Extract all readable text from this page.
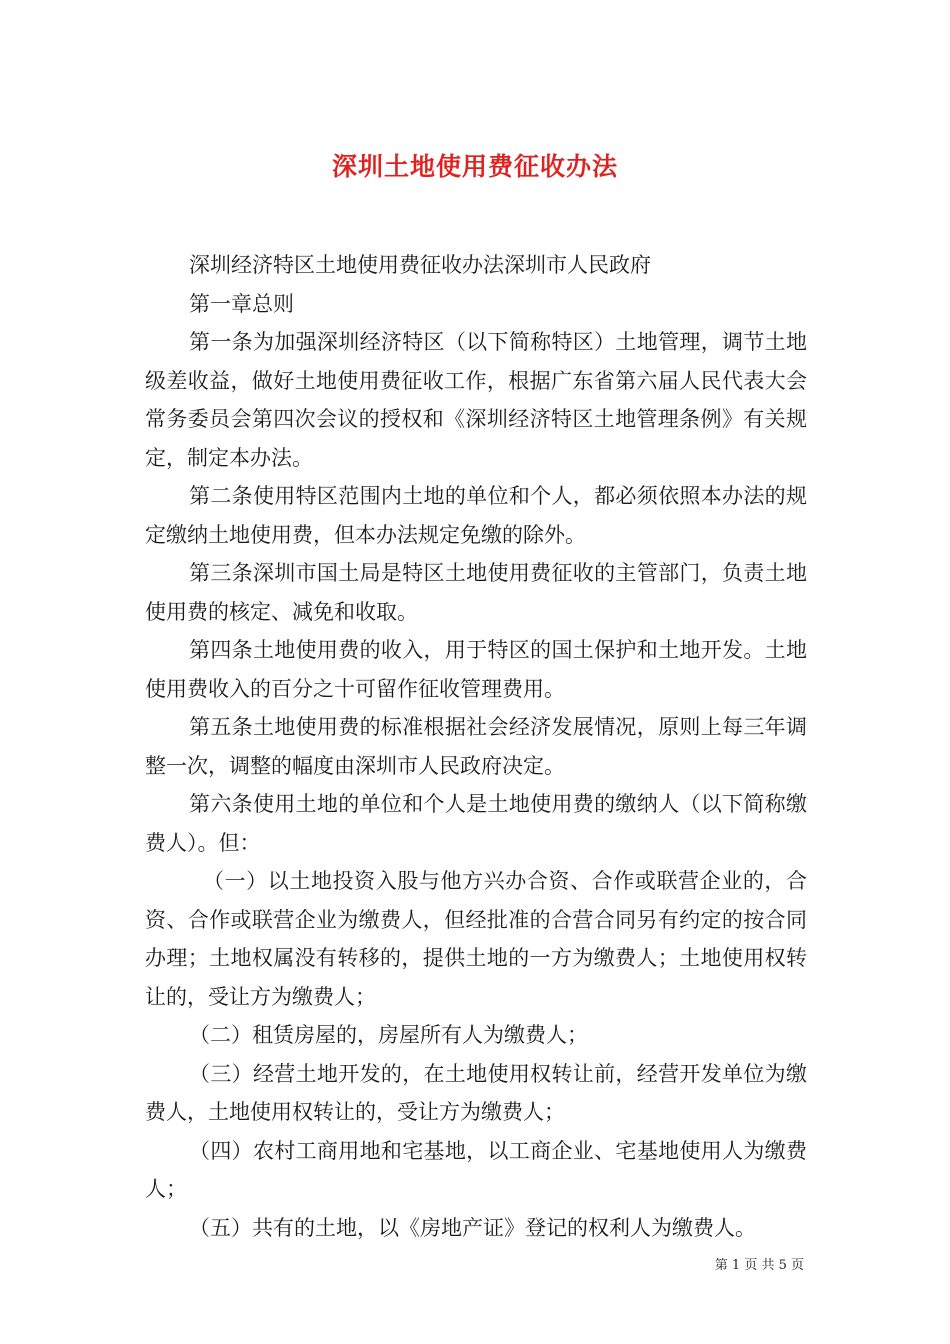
深圳土地使用费征收办法

深圳经济特区土地使用费征收办法深圳市人民政府

第一章总则

第一条为加强深圳经济特区（以下简称特区）土地管理，调节土地级差收益，做好土地使用费征收工作，根据广东省第六届人民代表大会常务委员会第四次会议的授权和《深圳经济特区土地管理条例》有关规定，制定本办法。

第二条使用特区范围内土地的单位和个人，都必须依照本办法的规定缴纳土地使用费，但本办法规定免缴的除外。

第三条深圳市国土局是特区土地使用费征收的主管部门，负责土地使用费的核定、减免和收取。

第四条土地使用费的收入，用于特区的国土保护和土地开发。土地使用费收入的百分之十可留作征收管理费用。

第五条土地使用费的标准根据社会经济发展情况，原则上每三年调整一次，调整的幅度由深圳市人民政府决定。

第六条使用土地的单位和个人是土地使用费的缴纳人（以下简称缴费人）。但：

（一）以土地投资入股与他方兴办合资、合作或联营企业的，合资、合作或联营企业为缴费人，但经批准的合营合同另有约定的按合同办理；土地权属没有转移的，提供土地的一方为缴费人；土地使用权转让的，受让方为缴费人；

（二）租赁房屋的，房屋所有人为缴费人；

（三）经营土地开发的，在土地使用权转让前，经营开发单位为缴费人，土地使用权转让的，受让方为缴费人；

（四）农村工商用地和宅基地，以工商企业、宅基地使用人为缴费人；

（五）共有的土地，以《房地产证》登记的权利人为缴费人。

第 1 页 共 5 页
